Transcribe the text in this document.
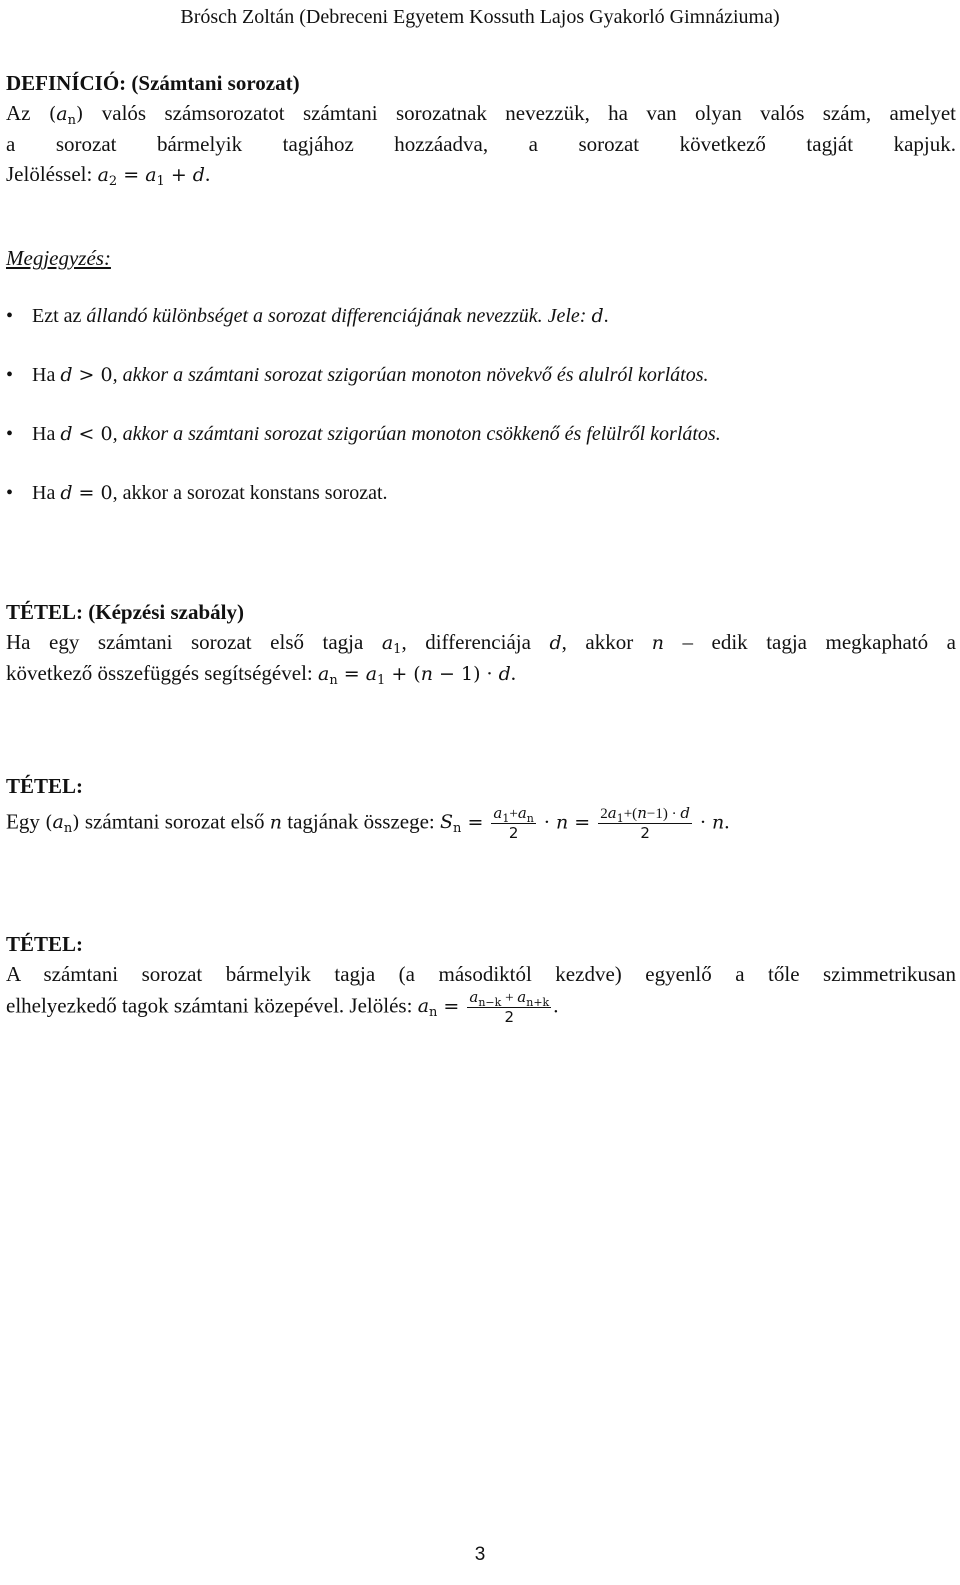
Brósch Zoltán (Debreceni Egyetem Kossuth Lajos Gyakorló Gimnáziuma)
DEFINÍCIÓ: (Számtani sorozat)
Az $(a_n)$ valós számsorozatot számtani sorozatnak nevezzük, ha van olyan valós szám, amelyet
a sorozat bármelyik tagjához hozzáadva, a sorozat következő tagját kapjuk.
Jelöléssel: $a_2 = a_1 + d$.
Megjegyzés:
• Ezt az állandó különbséget a sorozat differenciájának nevezzük. Jele: d.
• Ha d > 0, akkor a számtani sorozat szigorúan monoton növekvő és alulról korlátos.
• Ha d < 0, akkor a számtani sorozat szigorúan monoton csökkenő és felülről korlátos.
• Ha d = 0, akkor a sorozat konstans sorozat.
TÉTEL: (Képzési szabály)
Ha egy számtani sorozat első tagja $a_1$, differenciája d, akkor n – edik tagja megkapható a
következő összefüggés segítségével: $a_n = a_1 + (n - 1) \cdot d$.
TÉTEL:
Egy $(a_n)$ számtani sorozat első n tagjának összege: $S_n = \frac{a_1+a_n}{2} \cdot n = \frac{2a_1+(n-1) \cdot d}{2} \cdot n$.
TÉTEL:
A számtani sorozat bármelyik tagja (a másodiktól kezdve) egyenlő a tőle szimmetrikusan
elhelyezkedő tagok számtani közepével. Jelölés: $a_n = \frac{a_{n-k} + a_{n+k}}{2}$ .
3
